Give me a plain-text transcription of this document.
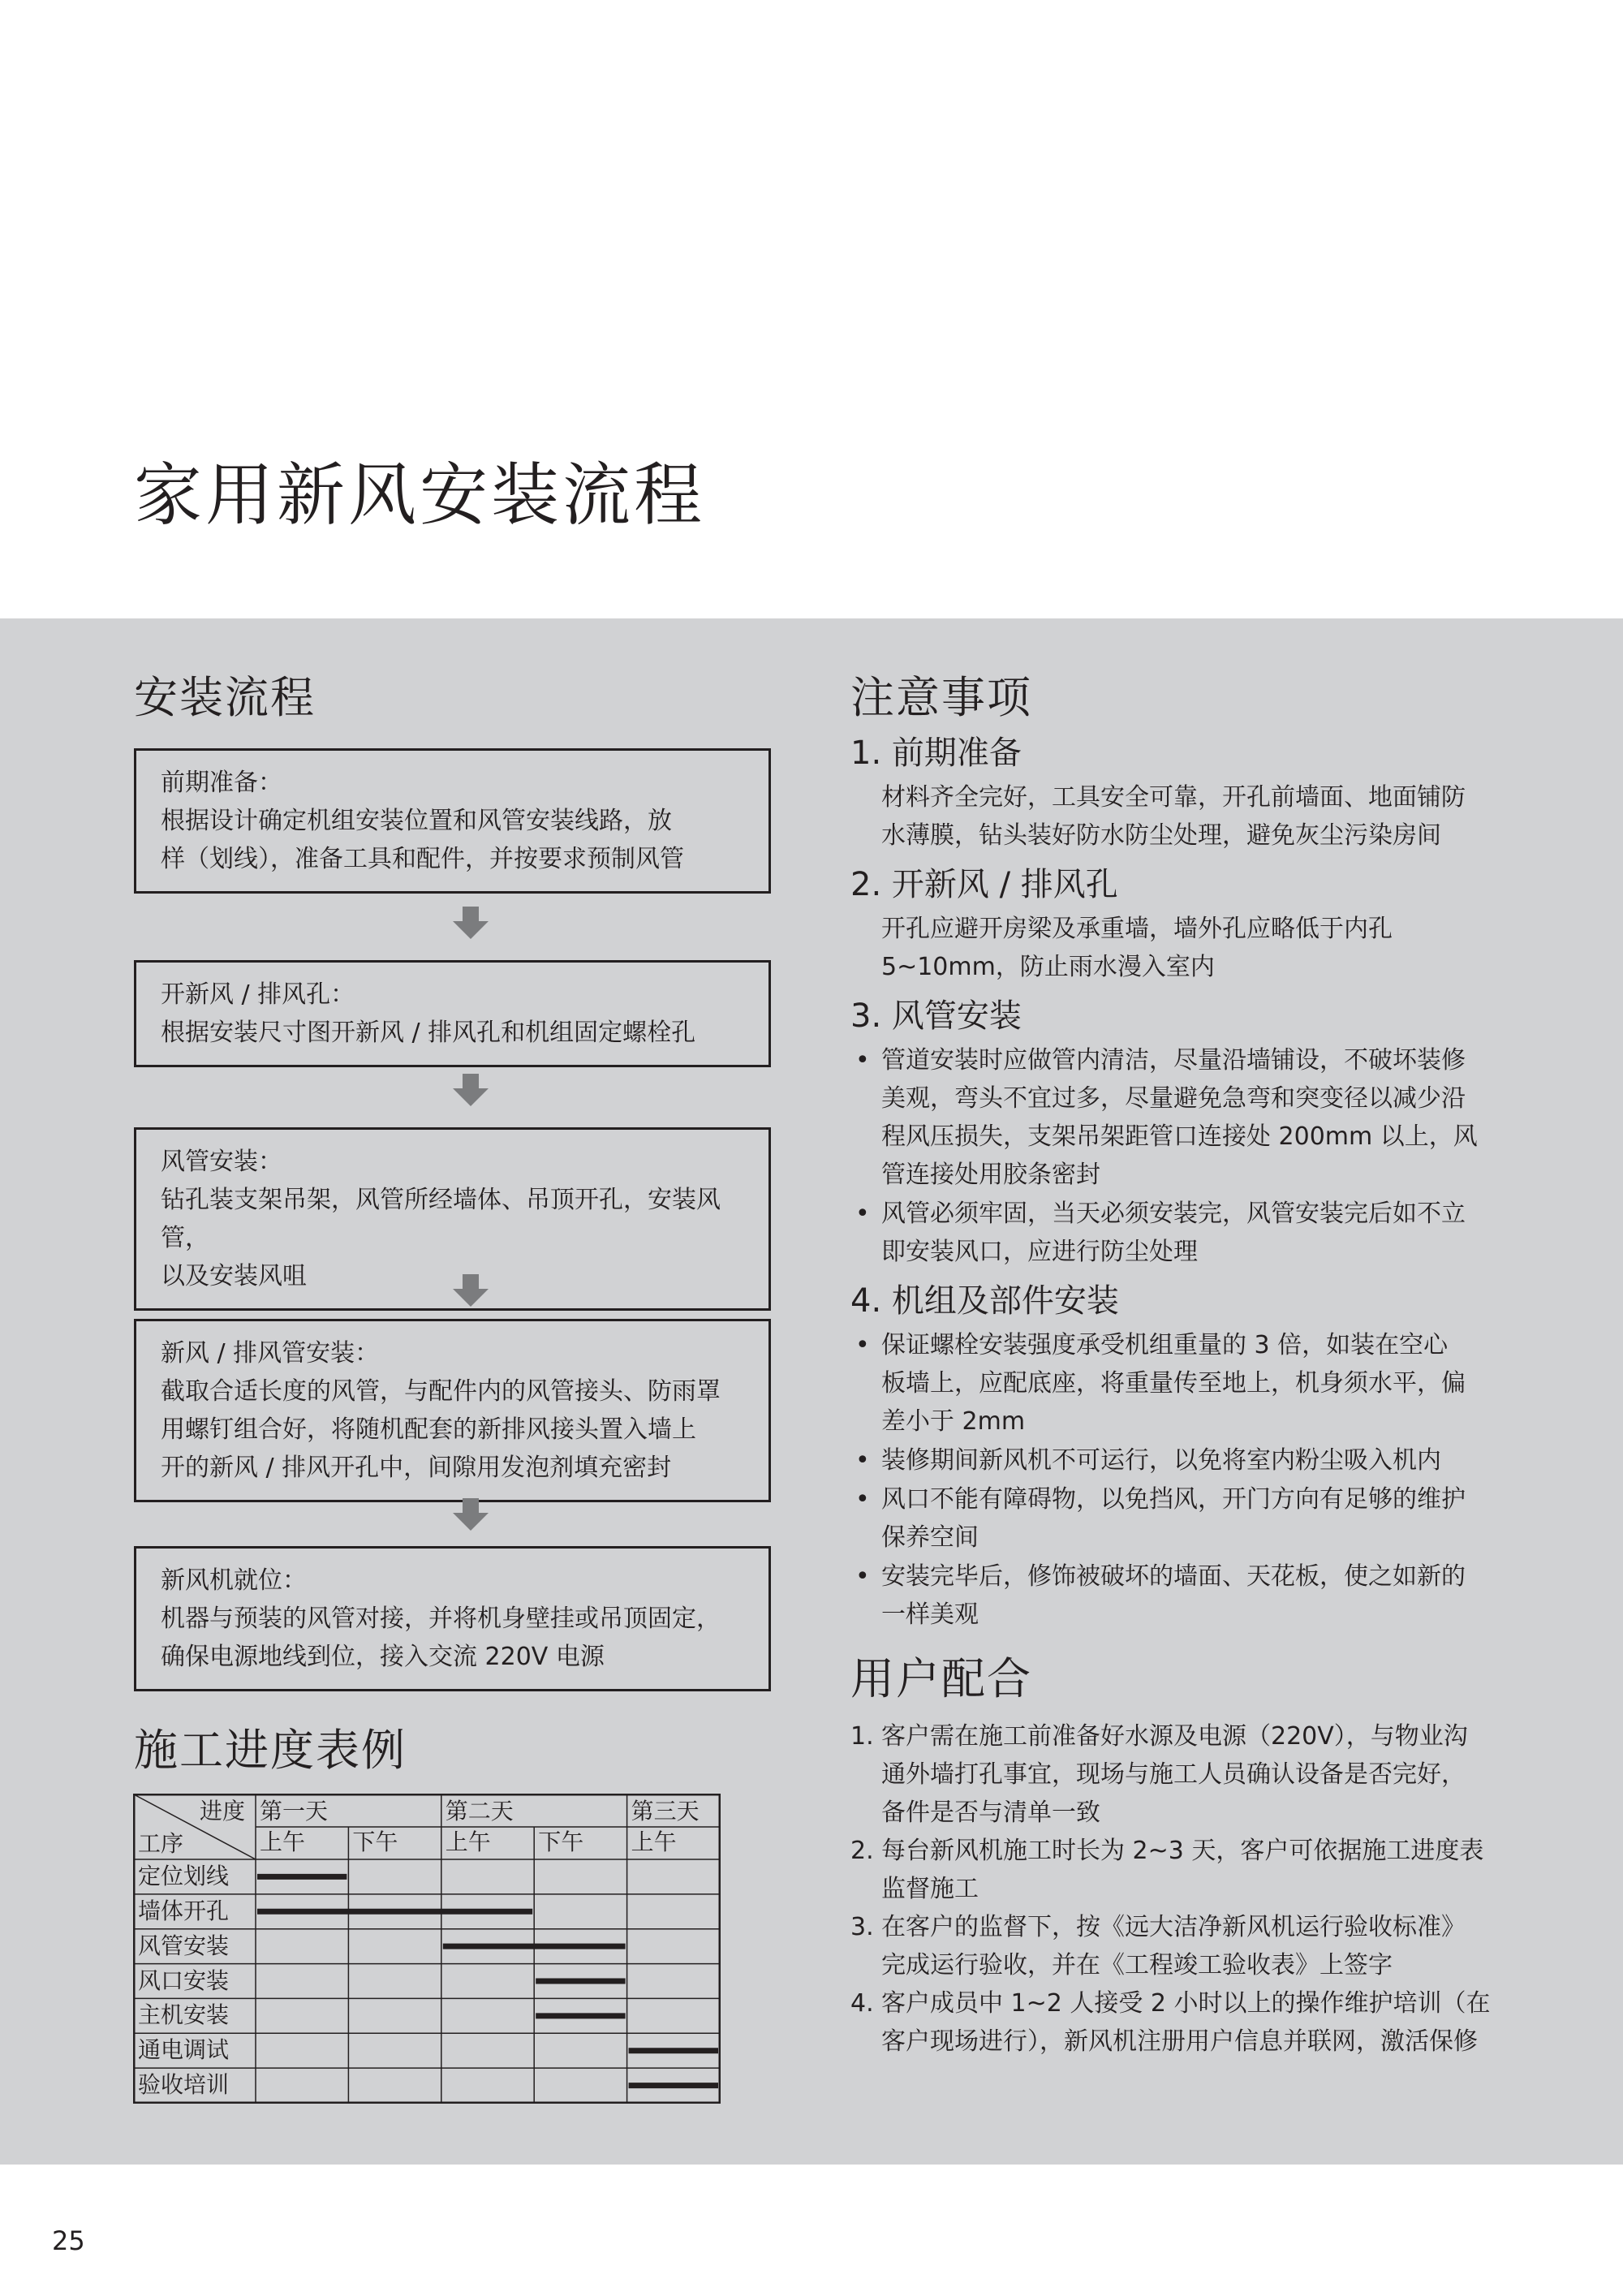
家用新风安装流程
安装流程

前期准备：

根据设计确定机组安装位置和风管安装线路，放

样（划线），准备工具和配件，并按要求预制风管

开新风 / 排风孔：

根据安装尺寸图开新风 / 排风孔和机组固定螺栓孔

风管安装：

钻孔装支架吊架，风管所经墙体、吊顶开孔，安装风管，

以及安装风咀

新风 / 排风管安装：

截取合适长度的风管，与配件内的风管接头、防雨罩

用螺钉组合好，将随机配套的新排风接头置入墙上

开的新风 / 排风开孔中，间隙用发泡剂填充密封

新风机就位：

机器与预装的风管对接，并将机身壁挂或吊顶固定，

确保电源地线到位，接入交流 220V 电源

施工进度表例
进度
工序
第一天	第二天	第三天
上午 下午 上午 下午 上午
定位划线
墙体开孔
风管安装
风口安装
主机安装
通电调试
验收培训
注意事项
1. 前期准备

材料齐全完好，工具安全可靠，开孔前墙面、地面铺防
水薄膜，钻头装好防水防尘处理，避免灰尘污染房间

2. 开新风 / 排风孔

开孔应避开房梁及承重墙，墙外孔应略低于内孔
5~10mm，防止雨水漫入室内

3. 风管安装
• 管道安装时应做管内清洁，尽量沿墙铺设，不破坏装修
美观，弯头不宜过多，尽量避免急弯和突变径以减少沿
程风压损失，支架吊架距管口连接处 200mm 以上，风
管连接处用胶条密封
• 风管必须牢固，当天必须安装完，风管安装完后如不立
即安装风口，应进行防尘处理
4. 机组及部件安装
• 保证螺栓安装强度承受机组重量的 3 倍，如装在空心
板墙上，应配底座，将重量传至地上，机身须水平，偏
差小于 2mm
• 装修期间新风机不可运行，以免将室内粉尘吸入机内
• 风口不能有障碍物，以免挡风，开门方向有足够的维护
保养空间
• 安装完毕后，修饰被破坏的墙面、天花板，使之如新的
一样美观
用户配合
1. 客户需在施工前准备好水源及电源（220V），与物业沟
通外墙打孔事宜，现场与施工人员确认设备是否完好，
备件是否与清单一致
2. 每台新风机施工时长为 2~3 天，客户可依据施工进度表
监督施工
3. 在客户的监督下，按《远大洁净新风机运行验收标准》
完成运行验收，并在《工程竣工验收表》上签字
4. 客户成员中 1~2 人接受 2 小时以上的操作维护培训（在
客户现场进行），新风机注册用户信息并联网，激活保修
25
